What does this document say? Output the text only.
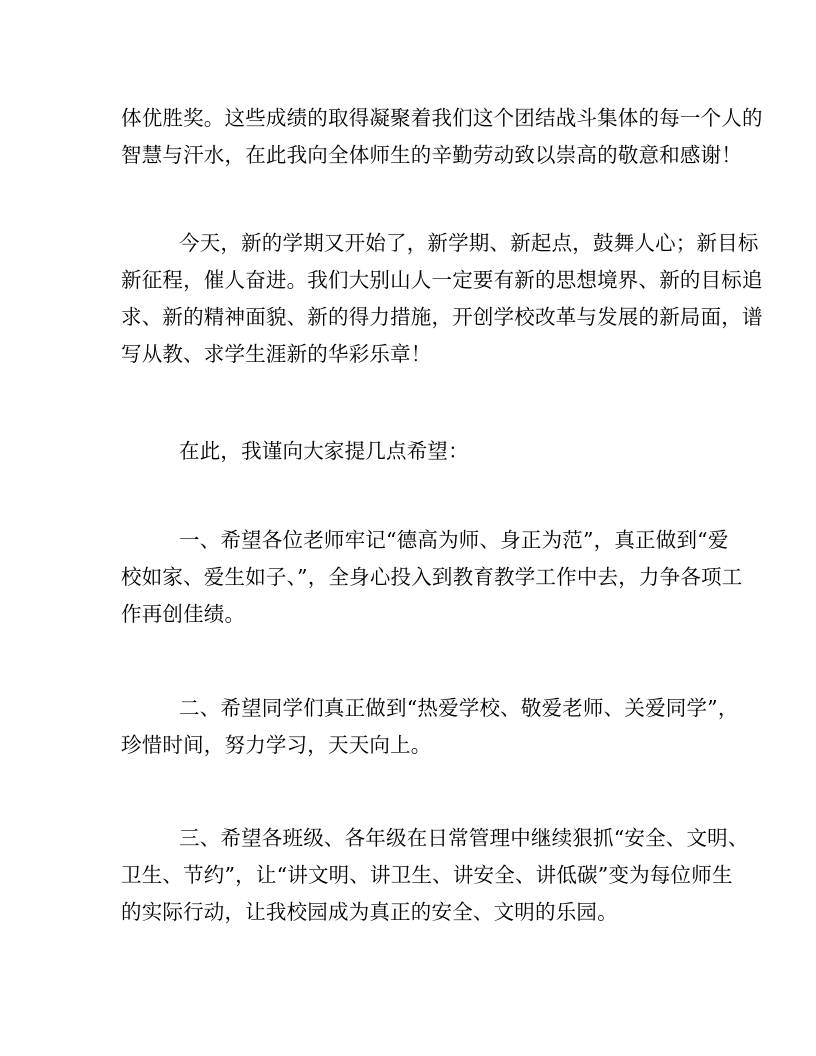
体优胜奖。这些成绩的取得凝聚着我们这个团结战斗集体的每一个人的
智慧与汗水，在此我向全体师生的辛勤劳动致以崇高的敬意和感谢！
今天，新的学期又开始了，新学期、新起点，鼓舞人心；新目标
新征程，催人奋进。我们大别山人一定要有新的思想境界、新的目标追
求、新的精神面貌、新的得力措施，开创学校改革与发展的新局面，谱
写从教、求学生涯新的华彩乐章！
在此，我谨向大家提几点希望：
一、希望各位老师牢记“德高为师、身正为范”，真正做到“爱
校如家、爱生如子、”，全身心投入到教育教学工作中去，力争各项工
作再创佳绩。
二、希望同学们真正做到“热爱学校、敬爱老师、关爱同学”，
珍惜时间，努力学习，天天向上。
三、希望各班级、各年级在日常管理中继续狠抓“安全、文明、
卫生、节约”，让“讲文明、讲卫生、讲安全、讲低碳”变为每位师生
的实际行动，让我校园成为真正的安全、文明的乐园。
